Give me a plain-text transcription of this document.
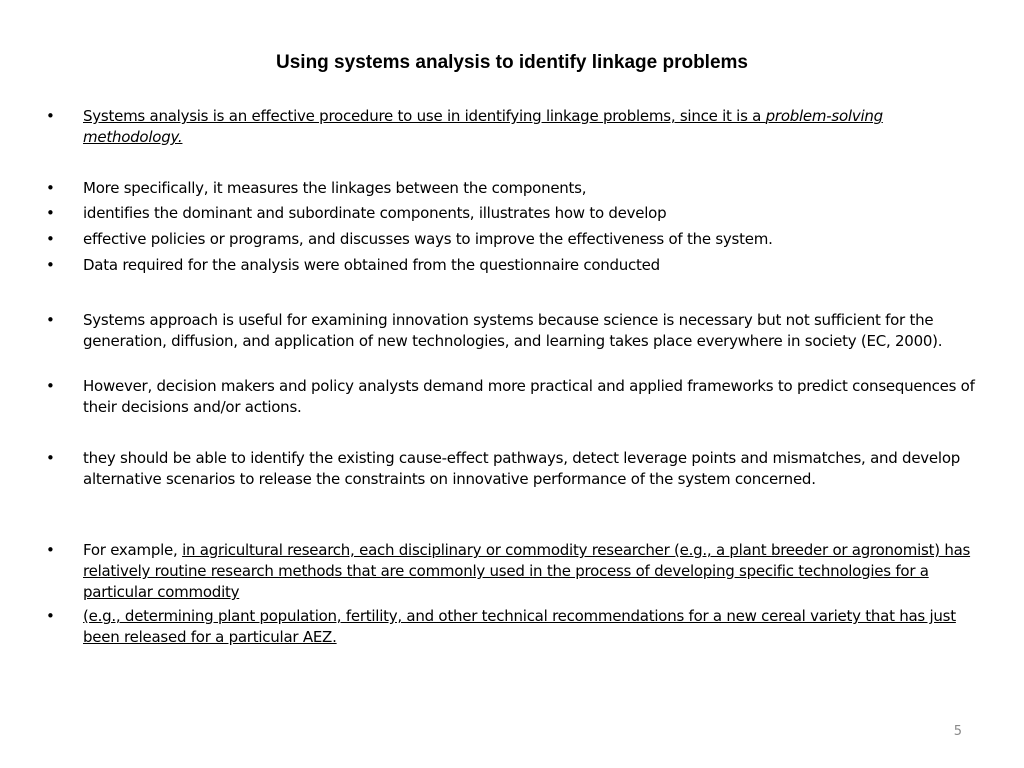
Using systems analysis to identify linkage problems
•	Systems analysis is an effective procedure to use in identifying linkage problems, since it is a problem-solving methodology.
•	More specifically, it measures the linkages between the components,
•	identifies the dominant and subordinate components, illustrates how to develop
•	effective policies or programs, and discusses ways to improve the effectiveness of the system.
•	Data required for the analysis were obtained from the questionnaire conducted
•	Systems approach is useful for examining innovation systems because science is necessary but not sufficient for the generation, diffusion, and application of new technologies, and learning takes place everywhere in society (EC, 2000).
•	However, decision makers and policy analysts demand more practical and applied frameworks to predict consequences of their decisions and/or actions.
•	they should be able to identify the existing cause-effect pathways, detect leverage points and mismatches, and develop alternative scenarios to release the constraints on innovative performance of the system concerned.
•	For example, in agricultural research, each disciplinary or commodity researcher (e.g., a plant breeder or agronomist) has relatively routine research methods that are commonly used in the process of developing specific technologies for a particular commodity
•	(e.g., determining plant population, fertility, and other technical recommendations for a new cereal variety that has just been released for a particular AEZ.
5
